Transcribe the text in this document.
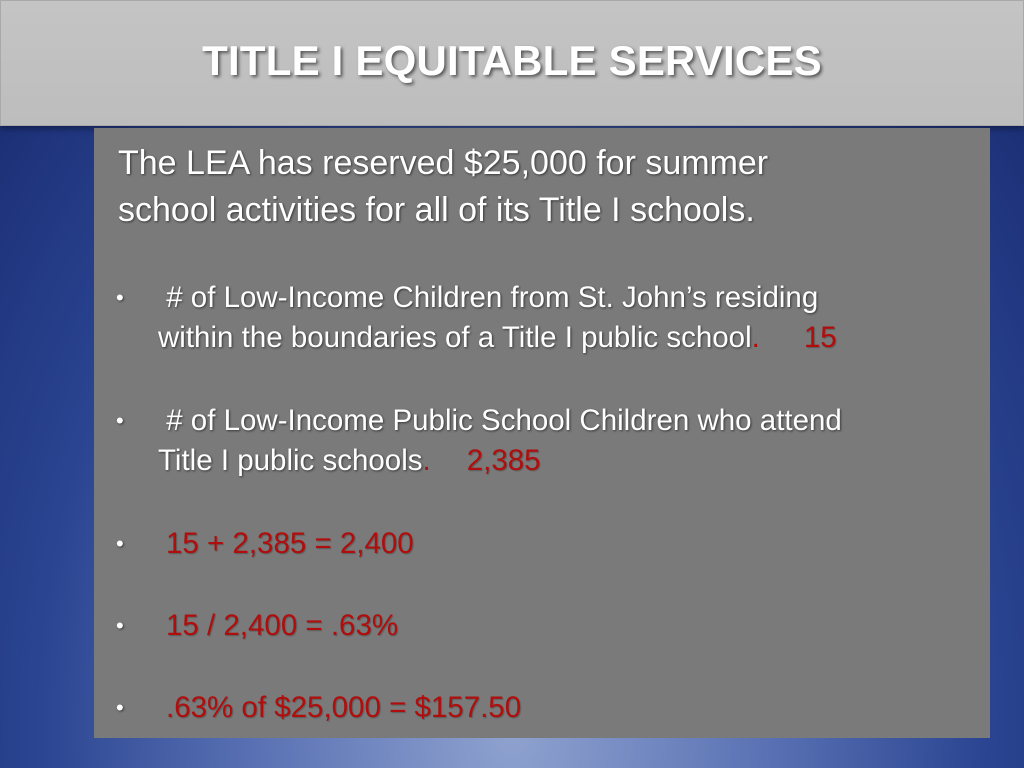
TITLE I EQUITABLE SERVICES
The LEA has reserved $25,000 for summer
school activities for all of its Title I schools.
•	# of Low-Income Children from St. John’s residing
within the boundaries of a Title I public school. 15
•	# of Low-Income Public School Children who attend
Title I public schools. 2,385
•	15 + 2,385 = 2,400
•	15 / 2,400 = .63%
•	.63% of $25,000 = $157.50
